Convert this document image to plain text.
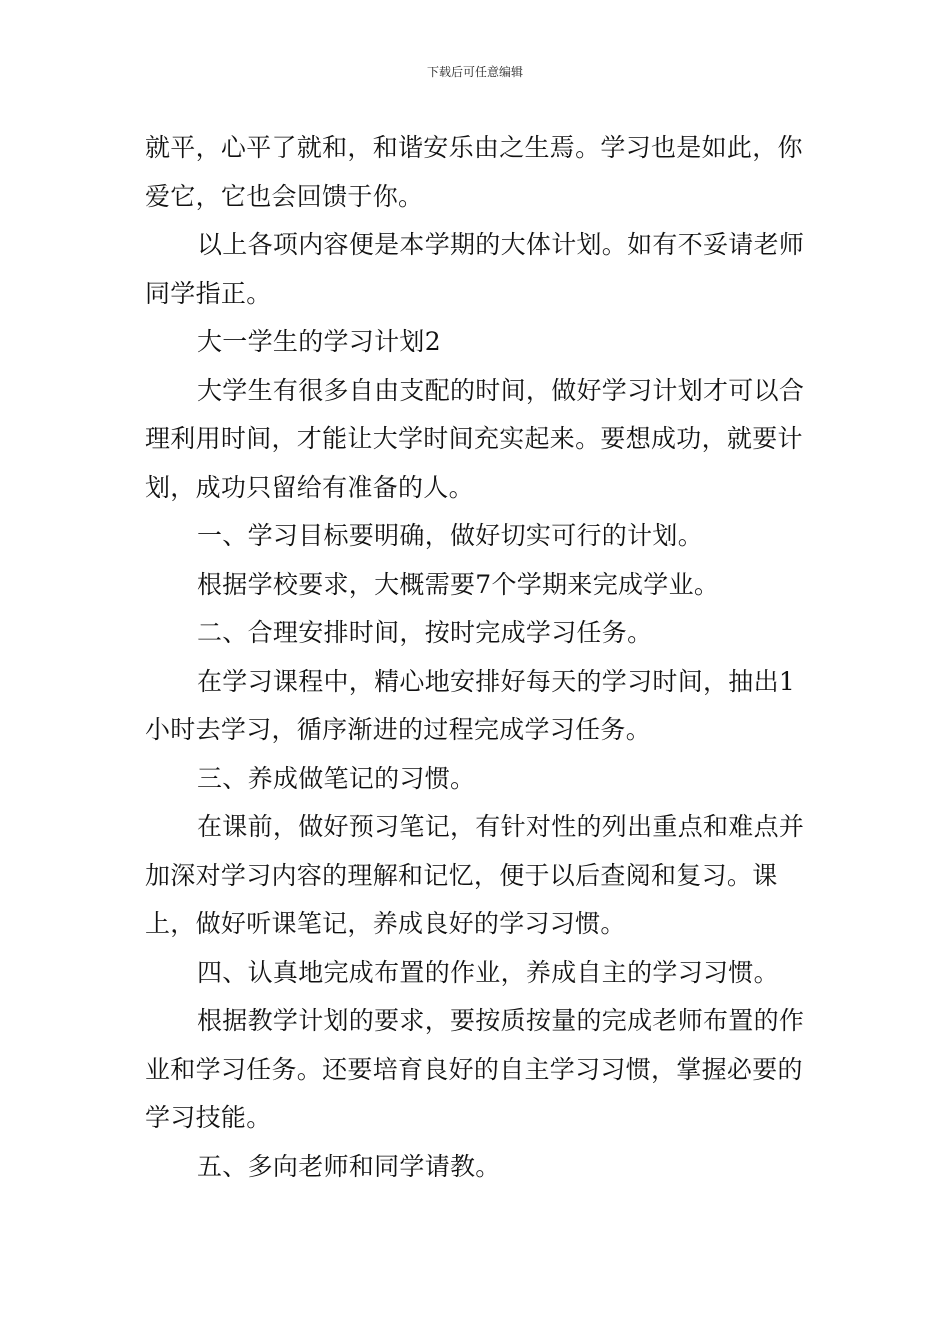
下载后可任意编辑

就平，心平了就和，和谐安乐由之生焉。学习也是如此，你爱它，它也会回馈于你。

以上各项内容便是本学期的大体计划。如有不妥请老师同学指正。

大一学生的学习计划2

大学生有很多自由支配的时间，做好学习计划才可以合理利用时间，才能让大学时间充实起来。要想成功，就要计划，成功只留给有准备的人。

一、学习目标要明确，做好切实可行的计划。

根据学校要求，大概需要7个学期来完成学业。

二、合理安排时间，按时完成学习任务。

在学习课程中，精心地安排好每天的学习时间，抽出1小时去学习，循序渐进的过程完成学习任务。

三、养成做笔记的习惯。

在课前，做好预习笔记，有针对性的列出重点和难点并加深对学习内容的理解和记忆，便于以后查阅和复习。课上，做好听课笔记，养成良好的学习习惯。

四、认真地完成布置的作业，养成自主的学习习惯。

根据教学计划的要求，要按质按量的完成老师布置的作业和学习任务。还要培育良好的自主学习习惯，掌握必要的学习技能。

五、多向老师和同学请教。
